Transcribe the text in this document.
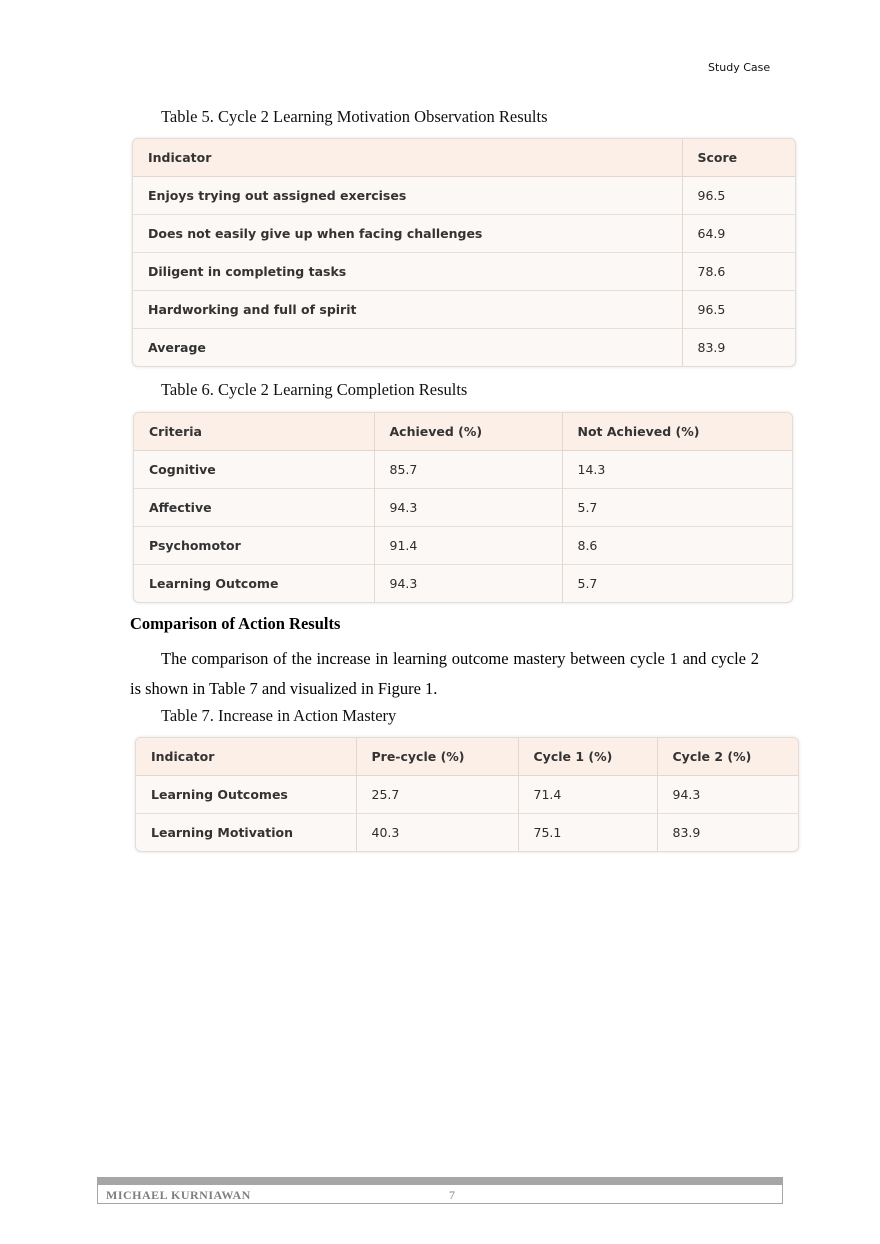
Study Case
Table 5. Cycle 2 Learning Motivation Observation Results
Indicator	Score
Enjoys trying out assigned exercises	96.5
Does not easily give up when facing challenges	64.9
Diligent in completing tasks	78.6
Hardworking and full of spirit	96.5
Average	83.9
Table 6. Cycle 2 Learning Completion Results
Criteria	Achieved (%)	Not Achieved (%)
Cognitive	85.7	14.3
Affective	94.3	5.7
Psychomotor	91.4	8.6
Learning Outcome	94.3	5.7
Comparison of Action Results

The comparison of the increase in learning outcome mastery between cycle 1 and cycle 2 is shown in Table 7 and visualized in Figure 1.

Table 7. Increase in Action Mastery
Indicator	Pre-cycle (%)	Cycle 1 (%)	Cycle 2 (%)
Learning Outcomes	25.7	71.4	94.3
Learning Motivation	40.3	75.1	83.9
MICHAEL KURNIAWAN	7
